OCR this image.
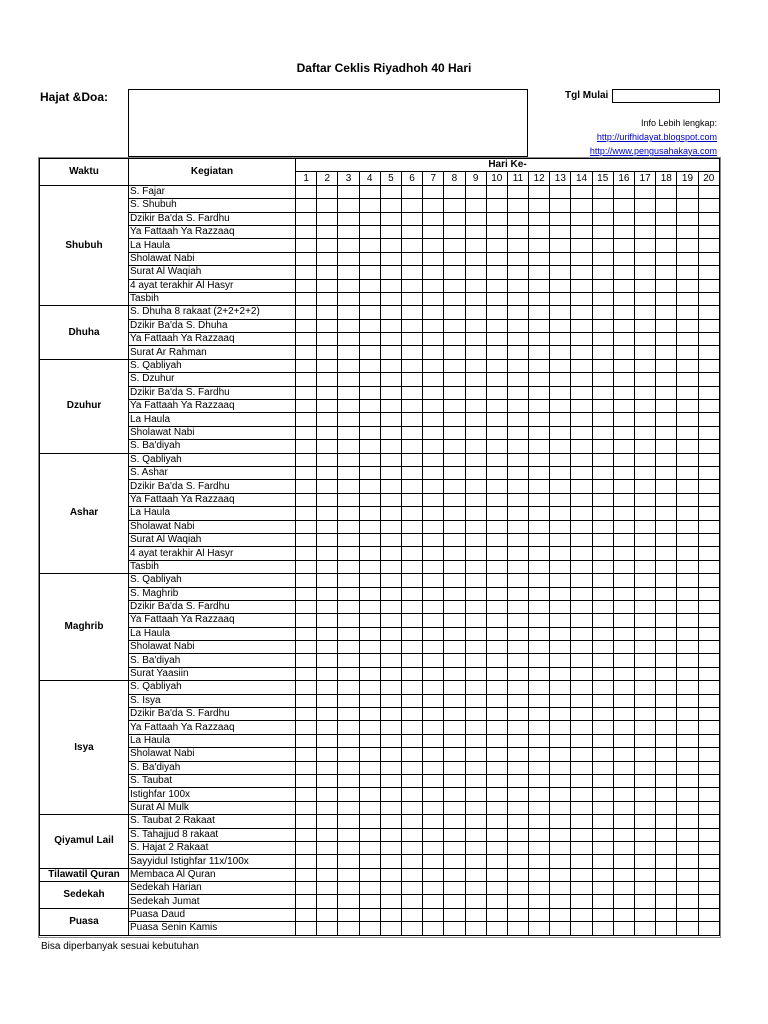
Daftar Ceklis Riyadhoh 40 Hari
Hajat &Doa:	Tgl Mulai
Info Lebih lengkap:
http://urifhidayat.blogspot.com
http://www.pengusahakaya.com
Waktu	Kegiatan	Hari Ke-																			
		1	2	3	4	5	6	7	8	9	10	11	12	13	14	15	16	17	18	19	20
Shubuh	S. Fajar																				
	S. Shubuh																				
	Dzikir Ba'da S. Fardhu																				
	Ya Fattaah Ya Razzaaq																				
	La Haula																				
	Sholawat Nabi																				
	Surat Al Waqiah																				
	4 ayat terakhir Al Hasyr																				
	Tasbih																				
Dhuha	S. Dhuha 8 rakaat (2+2+2+2)																				
	Dzikir Ba'da S. Dhuha																				
	Ya Fattaah Ya Razzaaq																				
	Surat Ar Rahman																				
Dzuhur	S. Qabliyah																				
	S. Dzuhur																				
	Dzikir Ba'da S. Fardhu																				
	Ya Fattaah Ya Razzaaq																				
	La Haula																				
	Sholawat Nabi																				
	S. Ba'diyah																				
Ashar	S. Qabliyah																				
	S. Ashar																				
	Dzikir Ba'da S. Fardhu																				
	Ya Fattaah Ya Razzaaq																				
	La Haula																				
	Sholawat Nabi																				
	Surat Al Waqiah																				
	4 ayat terakhir Al Hasyr																				
	Tasbih																				
Maghrib	S. Qabliyah																				
	S. Maghrib																				
	Dzikir Ba'da S. Fardhu																				
	Ya Fattaah Ya Razzaaq																				
	La Haula																				
	Sholawat Nabi																				
	S. Ba'diyah																				
	Surat Yaasiin																				
Isya	S. Qabliyah																				
	S. Isya																				
	Dzikir Ba'da S. Fardhu																				
	Ya Fattaah Ya Razzaaq																				
	La Haula																				
	Sholawat Nabi																				
	S. Ba'diyah																				
	S. Taubat																				
	Istighfar 100x																				
	Surat Al Mulk																				
Qiyamul Lail	S. Taubat 2 Rakaat																				
	S. Tahajjud 8 rakaat																				
	S. Hajat 2 Rakaat																				
	Sayyidul Istighfar 11x/100x																				
Tilawatil Quran	Membaca Al Quran																				
Sedekah	Sedekah Harian																				
	Sedekah Jumat																				
Puasa	Puasa Daud																				
	Puasa Senin Kamis																				
Bisa diperbanyak sesuai kebutuhan
